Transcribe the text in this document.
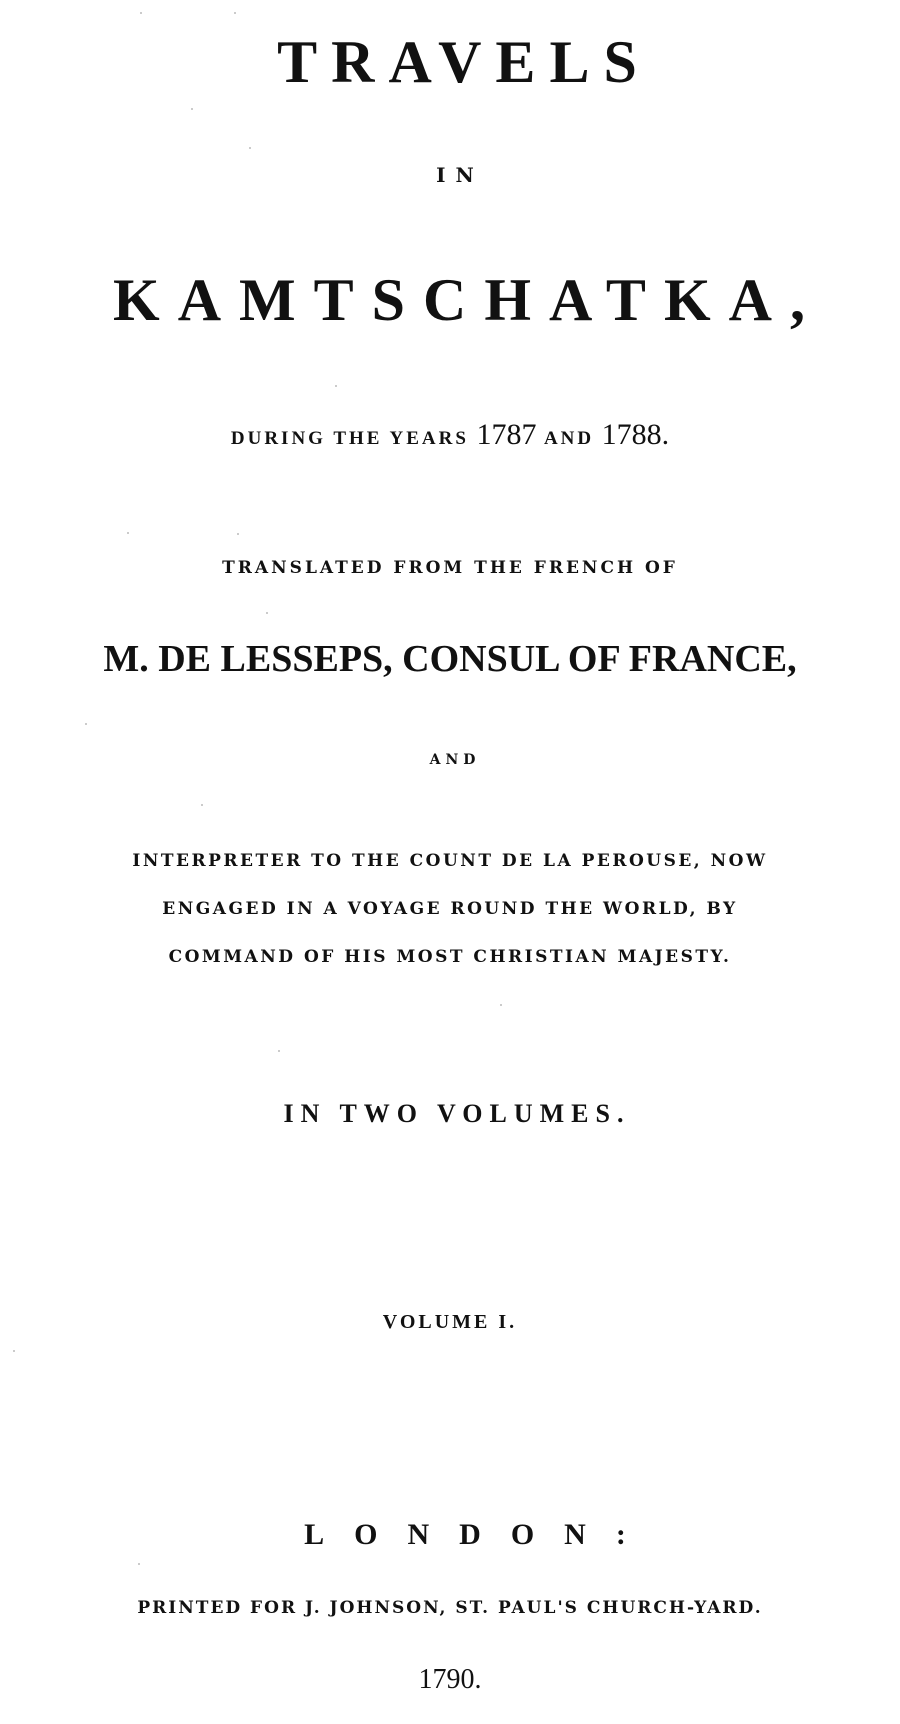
TRAVELS
IN
KAMTSCHATKA,
DURING THE YEARS 1787 AND 1788.
TRANSLATED FROM THE FRENCH OF
M. DE LESSEPS, CONSUL OF FRANCE,
AND
INTERPRETER TO THE COUNT DE LA PEROUSE, NOW
ENGAGED IN A VOYAGE ROUND THE WORLD, BY
COMMAND OF HIS MOST CHRISTIAN MAJESTY.
IN TWO VOLUMES.
VOLUME I.
LONDON:
PRINTED FOR J. JOHNSON, ST. PAUL'S CHURCH-YARD.
1790.
